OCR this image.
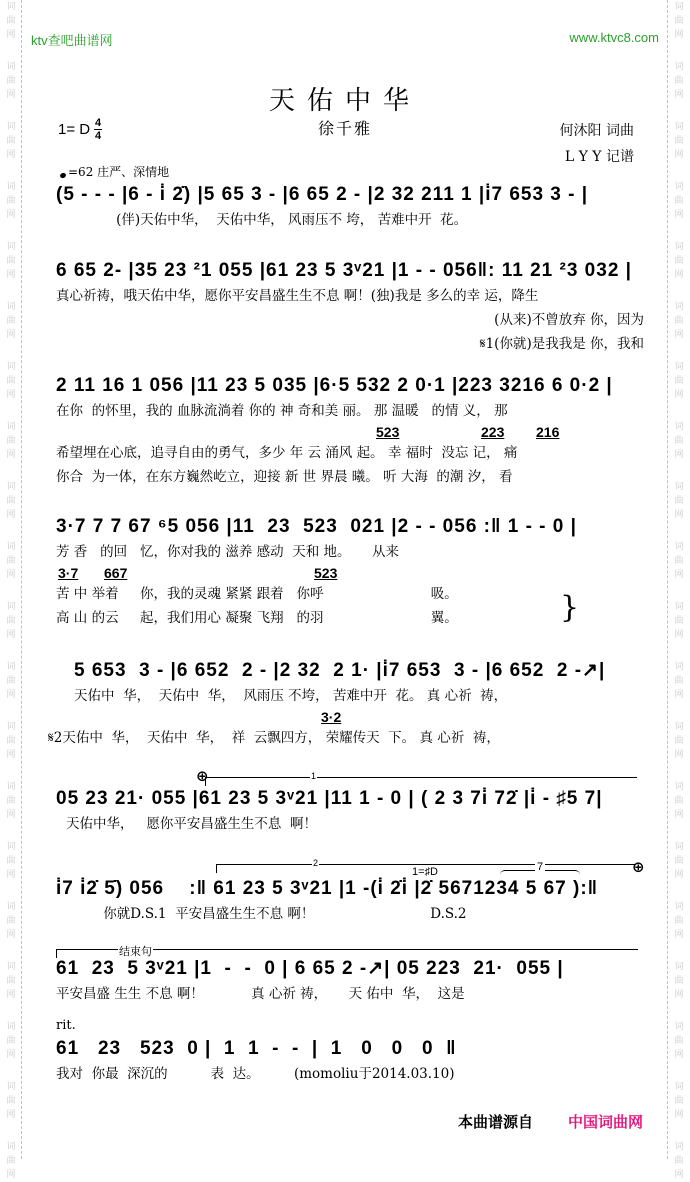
词
曲
网
词
曲
网
词
曲
网
词
曲
网
词
曲
网
词
曲
网
词
曲
网
词
曲
网
词
曲
网
词
曲
网
词
曲
网
词
曲
网
词
曲
网
词
曲
网
词
曲
网
词
曲
网
词
曲
网
词
曲
网
词
曲
网
词
曲
网
词
曲
网
词
曲
网
词
曲
网
词
曲
网
词
曲
网
词
曲
网
词
曲
网
词
曲
网
词
曲
网
词
曲
网
词
曲
网
词
曲
网
词
曲
网
词
曲
网
词
曲
网
词
曲
网
词
曲
网
词
曲
网
词
曲
网
词
曲
网
ktv查吧曲谱网	www.ktvc8.com
天佑中华
徐千雅
1= D $\frac{4}{4}$	何沐阳 词曲
L Y Y 记谱
=62 庄严、深情地
(5 - - - |6 - i̇ 2̇) |5 65 3 - |6 65 2 - |2 32 211 1 |i̇7 653 3 - |
(伴)天佑中华，  天佑中华， 风雨压不 垮， 苦难中开  花。
6 65 2- |35 23 ²1 055 |61 23 5 3ᵛ21 |1 - - 056‖: 11 21 ²3 032 |
真心祈祷，哦天佑中华，愿你平安昌盛生生不息 啊！(独)我是 多么的幸 运，降生
(从来)不曾放弃 你，因为
𝄋1(你就)是我我是 你，我和
2 11 16 1 056 |11 23 5 035 |6·5 532 2 0·1 |223 3216 6 0·2 |
在你  的怀里，我的 血脉流淌着 你的 神 奇和美 丽。 那 温暖   的情 义， 那
523	223 216
希望埋在心底，追寻自由的勇气，多少 年 云 涌风 起。 幸 福时  没忘 记， 痛
你合  为一体，在东方巍然屹立，迎接 新 世 界晨 曦。 听 大海  的潮 汐， 看
3·7 7 7 67 ⁶5 056 |11  23  523  021 |2 - - 056 :‖ 1 - - 0 |
芳 香   的回   忆，你对我的 滋养 感动  天和 地。     从来
3·7 667	523
苦 中 举着     你，我的灵魂 紧紧 跟着   你呼                         吸。
高 山 的云     起，我们用心 凝聚 飞翔   的羽                         翼。	}
5 653  3 - |6 652  2 - |2 32  2 1· |i̇7 653  3 - |6 652  2 -↗|
天佑中  华，  天佑中  华，  风雨压 不垮， 苦难中开  花。 真 心祈  祷，
3·2
𝄋2天佑中  华，  天佑中  华，  祥  云飘四方， 荣耀传天  下。 真 心祈  祷，
1
⊕
05 23 21· 055 |61 23 5 3ᵛ21 |11 1 - 0 | ( 2 3 7i̇ 72̇ |i̇ - ♯5 7|
天佑中华，   愿你平安昌盛生生不息  啊！
2	⊕
1=♯D	7
i̇7 i̇2̇ 5̇) 056    :‖ 61 23 5 3ᵛ21 |1 -(i̇ 2̇i̇ |2̇ 5671234 5 67 ):‖
你就D.S.1  平安昌盛生生不息 啊！                           D.S.2
结束句
61  23  5 3ᵛ21 |1  -  -  0 | 6 65 2 -↗| 05 223  21·  055 |
平安昌盛 生生 不息 啊！           真 心祈 祷，     天 佑中  华，  这是
rit.
61   23   523  0 |  1  1  -  -  |  1   0   0   0  ‖
我对  你最  深沉的          表  达。        (momoliu于2014.03.10)
本曲谱源自 中国词曲网
